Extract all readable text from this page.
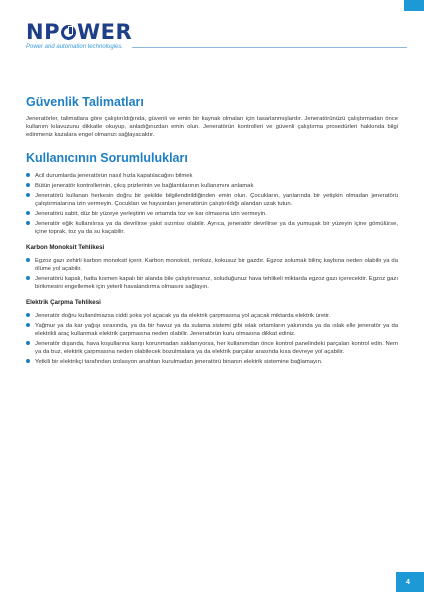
N P WER
Power and automation technologies.
Güvenlik Talimatları

Jeneratörler, talimatlara göre çalıştırıldığında, güvenli ve emin bir kaynak olmaları için tasarlanmışlardır. Jeneratörünüzü çalıştırmadan önce kullanım kılavuzunu dikkatle okuyup, anladığınızdan emin olun. Jeneratörün kontrolleri ve güvenli çalıştırma prosedürleri hakkında bilgi edinmeniz kazalara engel olmanızı sağlayacaktır.

Kullanıcının Sorumlulukları
Acil durumlarda jeneratörün nasıl hızla kapatılacağını bilmek
Bütün jeneratör kontrollerinin, çıkış prizlerinin ve bağlantılarının kullanımını anlamak
Jeneratörü kullanan herkesin doğru bir şekilde bilgilendirildiğinden emin olun. Çocukların, yanlarında bir yetişkin olmadan jeneratörü çalıştırmalarına izin vermeyin. Çocukları ve hayvanları jeneratörün çalıştırıldığı alandan uzak tutun.
Jeneratörü sabit, düz bir yüzeye yerleştirin ve ortamda toz ve kar olmasına izin vermeyin.
Jeneratör eğik kullanılırsa ya da devrilirse yakıt sızıntısı olabilir. Ayrıca, jeneratör devrilirse ya da yumuşak bir yüzeyin içine gömülürse, içine toprak, toz ya da su kaçabilir.
Karbon Monoksit Tehlikesi
Egzoz gazı zehirli karbon monoksit içerir. Karbon monoksit, renksiz, kokusuz bir gazdır. Egzoz solumak bilinç kaybına neden olabilir ya da ölüme yol açabilir.
Jeneratörü kapalı, hatta kısmen kapalı bir alanda bile çalıştırırsanız, soluduğunuz hava tehlikeli miktarda egzoz gazı içerecektir. Egzoz gazı birikmesini engellemek için yeterli havalandırma olmasını sağlayın.
Elektrik Çarpma Tehlikesi
Jeneratör doğru kullanılmazsa ciddi şoka yol açacak ya da elektrik çarpmasına yol açacak miktarda elektrik üretir.
Yağmur ya da kar yağışı sırasında, ya da bir havuz ya da sulama sistemi gibi ıslak ortamların yakınında ya da ıslak elle jeneratör ya da elektrikli araç kullanmak elektrik çarpmasına neden olabilir. Jeneratörün kuru olmasına dikkat ediniz.
Jeneratör dışarıda, hava koşullarına karşı korunmadan saklanıyorsa, her kullanımdan önce kontrol panelindeki parçaları kontrol edin. Nem ya da buz, elektrik çarpmasına neden olabilecek bozulmalara ya da elektrik parçalar arasında kısa devreye yol açabilir.
Yetkili bir elektrikçi tarafından izolasyon anahtarı kurulmadan jeneratörü binanın elektrik sistemine bağlamayın.
4
